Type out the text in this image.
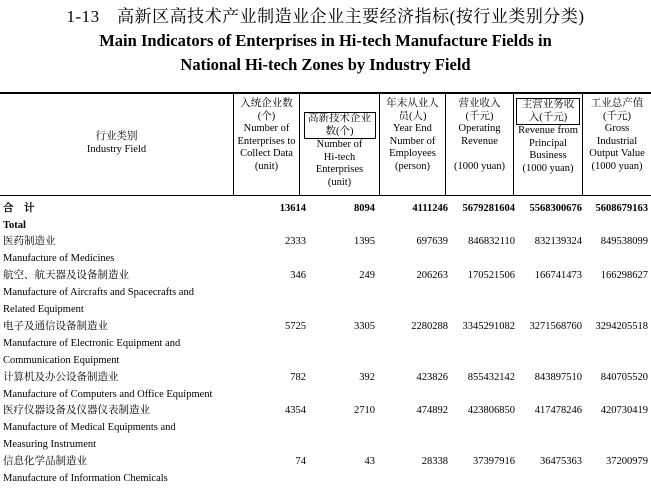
1-13　高新区高技术产业制造业企业主要经济指标(按行业类别分类)
Main Indicators of Enterprises in Hi-tech Manufacture Fields in
National Hi-tech Zones by Industry Field
行业类别
Industry Field
入统企业数(个)
Number of
Enterprises to
Collect Data
(unit)
高新技术企业数(个)
Number of
Hi-tech
Enterprises
(unit)
年末从业人员(人)
Year End
Number of
Employees
(person)
营业收入(千元)
Operating
Revenue
(1000 yuan)
主营业务收入(千元)
Revenue from
Principal
Business
(1000 yuan)
工业总产值(千元)
Gross
Industrial
Output Value
(1000 yuan)
合　计	13614	8094	4111246 5679281604 5568300676 5608679163
Total
医药制造业	2333	1395	697639 846832110 832139324 849538099
Manufacture of Medicines
航空、航天器及设备制造业	346	249	206263 170521506 166741473 166298627
Manufacture of Aircrafts and Spacecrafts and
Related Equipment
电子及通信设备制造业	5725	3305	2280288 3345291082 3271568760 3294205518
Manufacture of Electronic Equipment and
Communication Equipment
计算机及办公设备制造业	782	392	423826 855432142 843897510 840705520
Manufacture of Computers and Office Equipment
医疗仪器设备及仪器仪表制造业	4354	2710	474892 423806850 417478246 420730419
Manufacture of Medical Equipments and
Measuring Instrument
信息化学品制造业	74	43	28338 37397916 36475363 37200979
Manufacture of Information Chemicals
